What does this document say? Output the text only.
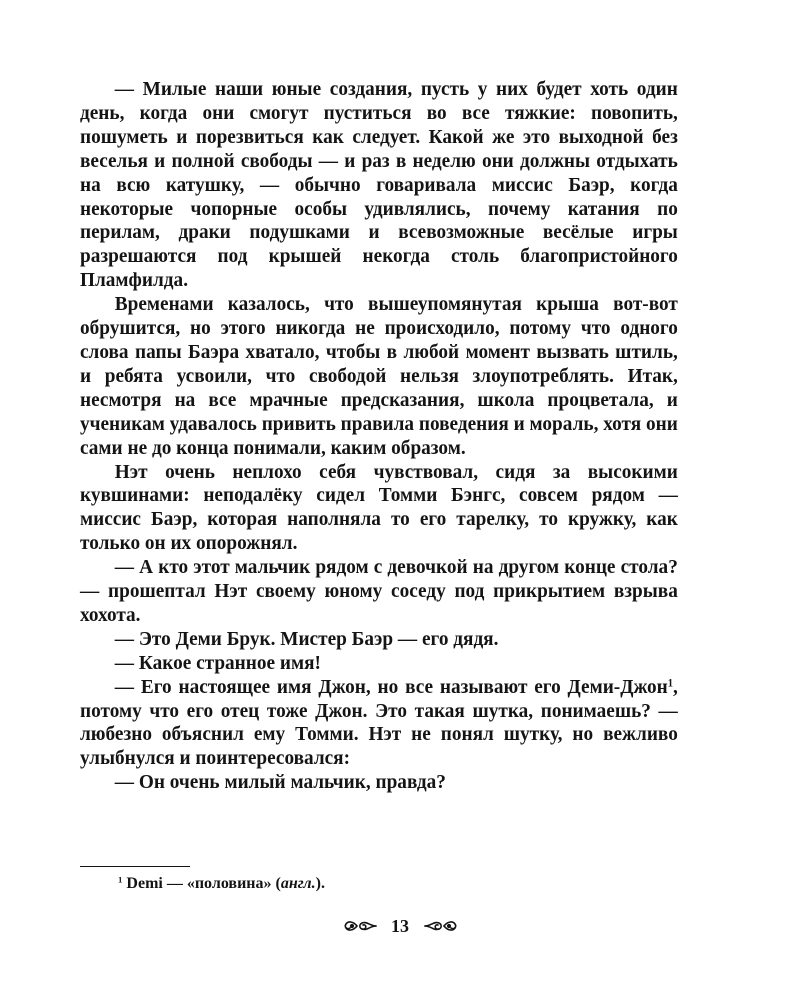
— Милые наши юные создания, пусть у них будет хоть один день, когда они смогут пуститься во все тяжкие: повопить, пошуметь и порезвиться как следует. Какой же это выходной без веселья и полной свободы — и раз в неделю они должны отдыхать на всю катушку, — обычно говаривала миссис Баэр, когда некоторые чопорные особы удивлялись, почему катания по перилам, драки подушками и всевозможные весёлые игры разрешаются под крышей некогда столь благопристойного Пламфилда.

Временами казалось, что вышеупомянутая крыша вот-вот обрушится, но этого никогда не происходило, потому что одного слова папы Баэра хватало, чтобы в любой момент вызвать штиль, и ребята усвоили, что свободой нельзя злоупотреблять. Итак, несмотря на все мрачные предсказания, школа процветала, и ученикам удавалось привить правила поведения и мораль, хотя они сами не до конца понимали, каким образом.

Нэт очень неплохо себя чувствовал, сидя за высокими кувшинами: неподалёку сидел Томми Бэнгс, совсем рядом — миссис Баэр, которая наполняла то его тарелку, то кружку, как только он их опорожнял.

— А кто этот мальчик рядом с девочкой на другом конце стола? — прошептал Нэт своему юному соседу под прикрытием взрыва хохота.

— Это Деми Брук. Мистер Баэр — его дядя.

— Какое странное имя!

— Его настоящее имя Джон, но все называют его Деми-Джон$^1$, потому что его отец тоже Джон. Это такая шутка, понимаешь? — любезно объяснил ему Томми. Нэт не понял шутку, но вежливо улыбнулся и поинтересовался:

— Он очень милый мальчик, правда?

$^1$ Demi — «половина» (англ.).

13
